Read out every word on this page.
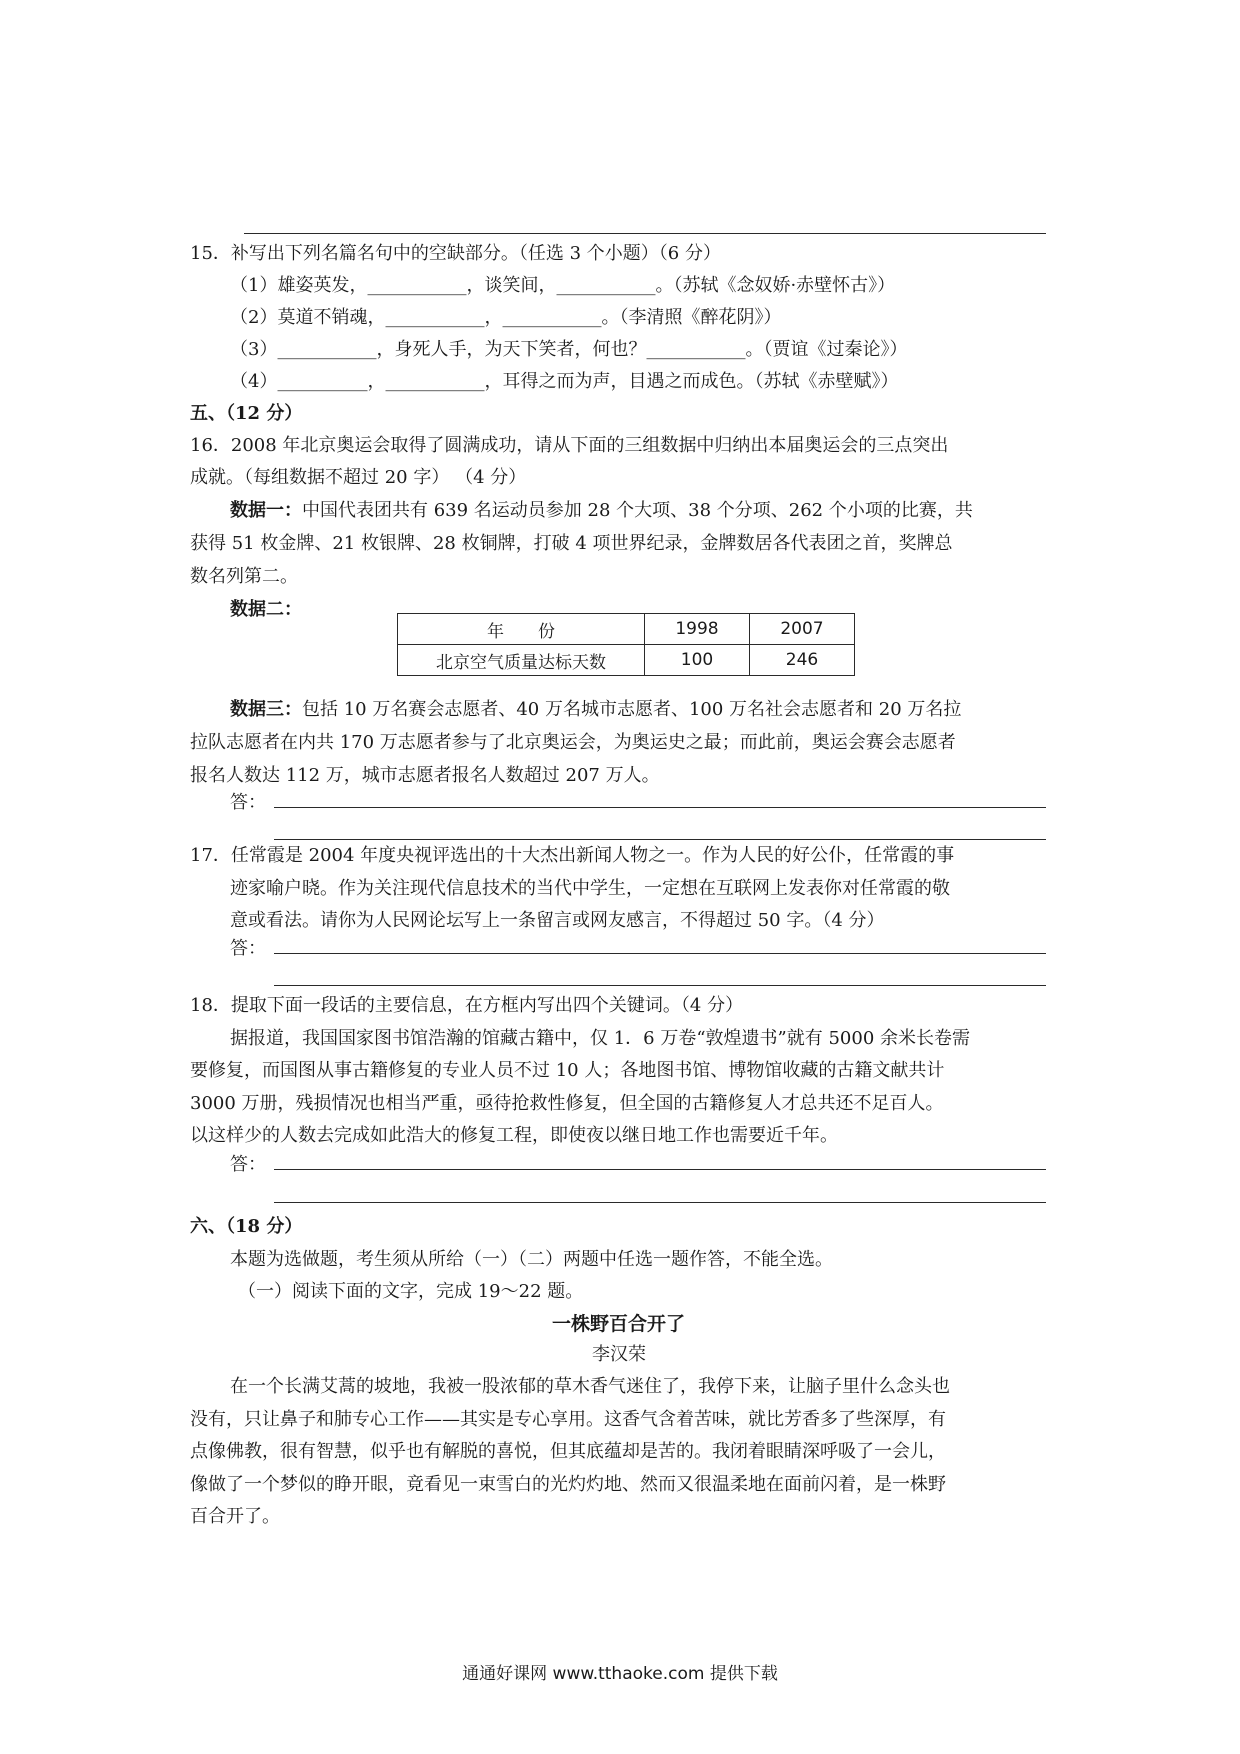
15．补写出下列名篇名句中的空缺部分。（任选 3 个小题）（6 分）
（1）雄姿英发，___________，谈笑间，___________。（苏轼《念奴娇·赤壁怀古》）
（2）莫道不销魂，___________，___________。（李清照《醉花阴》）
（3）___________，身死人手，为天下笑者，何也？___________。（贾谊《过秦论》）
（4）__________，___________，耳得之而为声，目遇之而成色。（苏轼《赤壁赋》）
五、（12 分）
16．2008 年北京奥运会取得了圆满成功，请从下面的三组数据中归纳出本届奥运会的三点突出
成就。（每组数据不超过 20 字） （4 分）
数据一：中国代表团共有 639 名运动员参加 28 个大项、38 个分项、262 个小项的比赛，共
获得 51 枚金牌、21 枚银牌、28 枚铜牌，打破 4 项世界纪录，金牌数居各代表团之首，奖牌总
数名列第二。
数据二：
年　　份	1998	2007
北京空气质量达标天数	100	246
数据三：包括 10 万名赛会志愿者、40 万名城市志愿者、100 万名社会志愿者和 20 万名拉
拉队志愿者在内共 170 万志愿者参与了北京奥运会，为奥运史之最；而此前，奥运会赛会志愿者
报名人数达 112 万，城市志愿者报名人数超过 207 万人。
答：
17．任常霞是 2004 年度央视评选出的十大杰出新闻人物之一。作为人民的好公仆，任常霞的事
迹家喻户晓。作为关注现代信息技术的当代中学生，一定想在互联网上发表你对任常霞的敬
意或看法。请你为人民网论坛写上一条留言或网友感言，不得超过 50 字。（4 分）
答：
18．提取下面一段话的主要信息，在方框内写出四个关键词。（4 分）
据报道，我国国家图书馆浩瀚的馆藏古籍中，仅 1．6 万卷“敦煌遗书”就有 5000 余米长卷需
要修复，而国图从事古籍修复的专业人员不过 10 人；各地图书馆、博物馆收藏的古籍文献共计
3000 万册，残损情况也相当严重，亟待抢救性修复，但全国的古籍修复人才总共还不足百人。
以这样少的人数去完成如此浩大的修复工程，即使夜以继日地工作也需要近千年。
答：
六、（18 分）
本题为选做题，考生须从所给（一）（二）两题中任选一题作答，不能全选。
（一）阅读下面的文字，完成 19～22 题。
一株野百合开了
李汉荣
在一个长满艾蒿的坡地，我被一股浓郁的草木香气迷住了，我停下来，让脑子里什么念头也
没有，只让鼻子和肺专心工作——其实是专心享用。这香气含着苦味，就比芳香多了些深厚，有
点像佛教，很有智慧，似乎也有解脱的喜悦，但其底蕴却是苦的。我闭着眼睛深呼吸了一会儿，
像做了一个梦似的睁开眼，竟看见一束雪白的光灼灼地、然而又很温柔地在面前闪着，是一株野
百合开了。
通通好课网 www.tthaoke.com 提供下载
